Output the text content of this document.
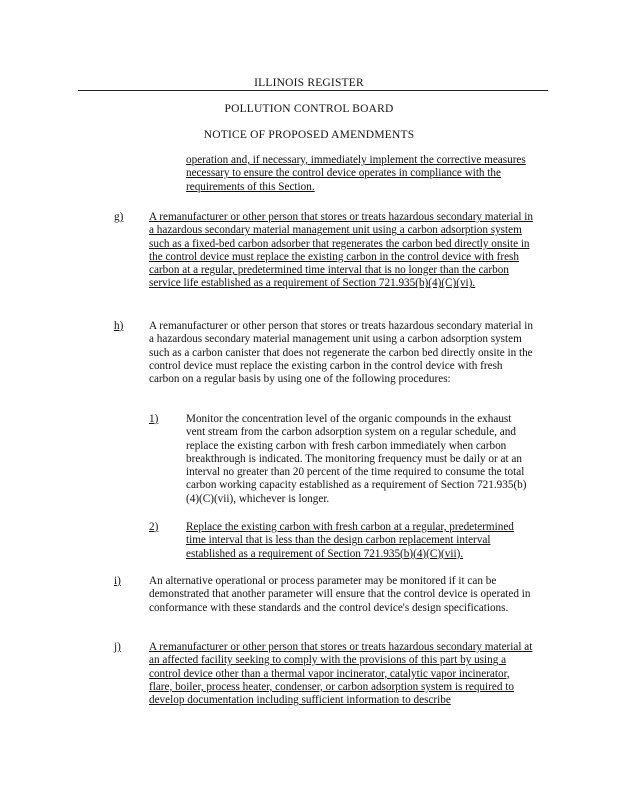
ILLINOIS REGISTER
POLLUTION CONTROL BOARD
NOTICE OF PROPOSED AMENDMENTS

operation and, if necessary, immediately implement the corrective measures necessary to ensure the control device operates in compliance with the requirements of this Section.

g) A remanufacturer or other person that stores or treats hazardous secondary material in a hazardous secondary material management unit using a carbon adsorption system such as a fixed-bed carbon adsorber that regenerates the carbon bed directly onsite in the control device must replace the existing carbon in the control device with fresh carbon at a regular, predetermined time interval that is no longer than the carbon service life established as a requirement of Section 721.935(b)(4)(C)(vi).

h) A remanufacturer or other person that stores or treats hazardous secondary material in a hazardous secondary material management unit using a carbon adsorption system such as a carbon canister that does not regenerate the carbon bed directly onsite in the control device must replace the existing carbon in the control device with fresh carbon on a regular basis by using one of the following procedures:

1) Monitor the concentration level of the organic compounds in the exhaust vent stream from the carbon adsorption system on a regular schedule, and replace the existing carbon with fresh carbon immediately when carbon breakthrough is indicated. The monitoring frequency must be daily or at an interval no greater than 20 percent of the time required to consume the total carbon working capacity established as a requirement of Section 721.935(b)(4)(C)(vii), whichever is longer.

2) Replace the existing carbon with fresh carbon at a regular, predetermined time interval that is less than the design carbon replacement interval established as a requirement of Section 721.935(b)(4)(C)(vii).

i)	An alternative operational or process parameter may be monitored if it can be demonstrated that another parameter will ensure that the control device is operated in conformance with these standards and the control device's design specifications.

j)	A remanufacturer or other person that stores or treats hazardous secondary material at an affected facility seeking to comply with the provisions of this part by using a control device other than a thermal vapor incinerator, catalytic vapor incinerator, flare, boiler, process heater, condenser, or carbon adsorption system is required to develop documentation including sufficient information to describe
